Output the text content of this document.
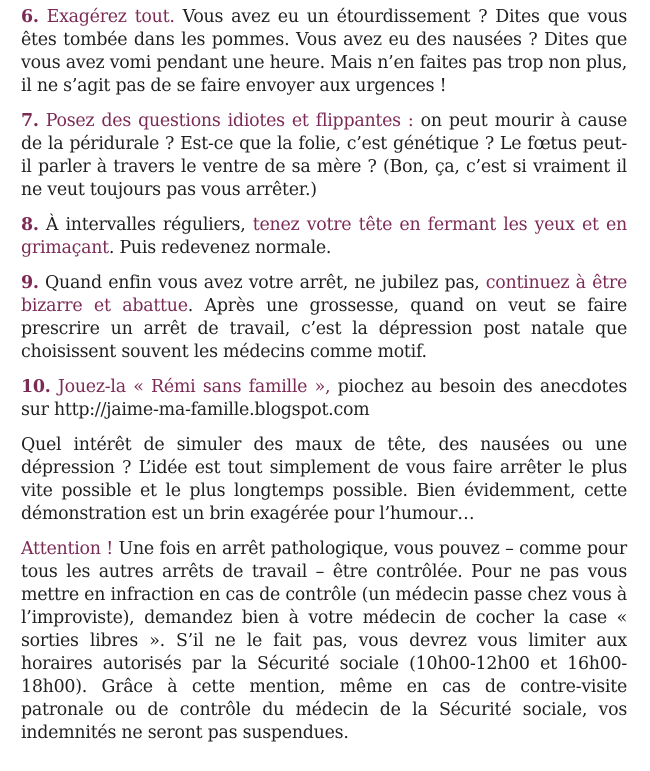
6. Exagérez tout. Vous avez eu un étourdissement ? Dites que vous êtes tombée dans les pommes. Vous avez eu des nausées ? Dites que vous avez vomi pendant une heure. Mais n’en faites pas trop non plus, il ne s’agit pas de se faire envoyer aux urgences !

7. Posez des questions idiotes et flippantes : on peut mourir à cause de la péridurale ? Est-ce que la folie, c’est génétique ? Le fœtus peut-il parler à travers le ventre de sa mère ? (Bon, ça, c’est si vraiment il ne veut toujours pas vous arrêter.)

8. À intervalles réguliers, tenez votre tête en fermant les yeux et en grimaçant. Puis redevenez normale.

9. Quand enfin vous avez votre arrêt, ne jubilez pas, continuez à être bizarre et abattue. Après une grossesse, quand on veut se faire prescrire un arrêt de travail, c’est la dépression post natale que choisissent souvent les médecins comme motif.

10. Jouez-la « Rémi sans famille », piochez au besoin des anecdotes sur http://jaime-ma-famille.blogspot.com

Quel intérêt de simuler des maux de tête, des nausées ou une dépression ? L’idée est tout simplement de vous faire arrêter le plus vite possible et le plus longtemps possible. Bien évidemment, cette démonstration est un brin exagérée pour l’humour…

Attention ! Une fois en arrêt pathologique, vous pouvez – comme pour tous les autres arrêts de travail – être contrôlée. Pour ne pas vous mettre en infraction en cas de contrôle (un médecin passe chez vous à l’improviste), demandez bien à votre médecin de cocher la case « sorties libres ». S’il ne le fait pas, vous devrez vous limiter aux horaires autorisés par la Sécurité sociale (10h00-12h00 et 16h00-18h00). Grâce à cette mention, même en cas de contre-visite patronale ou de contrôle du médecin de la Sécurité sociale, vos indemnités ne seront pas suspendues.
